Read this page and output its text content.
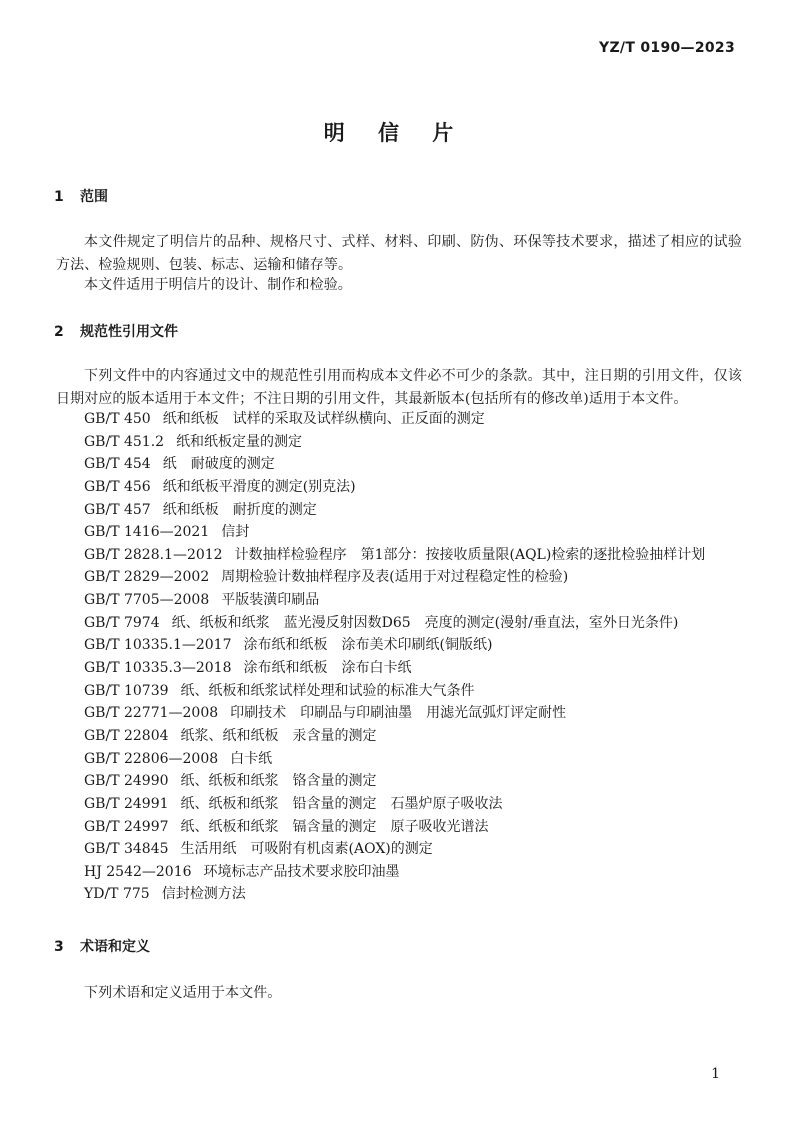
YZ/T 0190—2023
明 信 片
1 范围

本文件规定了明信片的品种、规格尺寸、式样、材料、印刷、防伪、环保等技术要求，描述了相应的试验方法、检验规则、包装、标志、运输和储存等。

本文件适用于明信片的设计、制作和检验。

2 规范性引用文件

下列文件中的内容通过文中的规范性引用而构成本文件必不可少的条款。其中，注日期的引用文件，仅该日期对应的版本适用于本文件；不注日期的引用文件，其最新版本(包括所有的修改单)适用于本文件。

GB/T 450 纸和纸板　试样的采取及试样纵横向、正反面的测定
GB/T 451.2 纸和纸板定量的测定
GB/T 454 纸　耐破度的测定
GB/T 456 纸和纸板平滑度的测定(别克法)
GB/T 457 纸和纸板　耐折度的测定
GB/T 1416—2021 信封
GB/T 2828.1—2012 计数抽样检验程序　第1部分：按接收质量限(AQL)检索的逐批检验抽样计划
GB/T 2829—2002 周期检验计数抽样程序及表(适用于对过程稳定性的检验)
GB/T 7705—2008 平版装潢印刷品
GB/T 7974 纸、纸板和纸浆　蓝光漫反射因数D65　亮度的测定(漫射/垂直法，室外日光条件)
GB/T 10335.1—2017 涂布纸和纸板　涂布美术印刷纸(铜版纸)
GB/T 10335.3—2018 涂布纸和纸板　涂布白卡纸
GB/T 10739 纸、纸板和纸浆试样处理和试验的标准大气条件
GB/T 22771—2008 印刷技术　印刷品与印刷油墨　用滤光氙弧灯评定耐性
GB/T 22804 纸浆、纸和纸板　汞含量的测定
GB/T 22806—2008 白卡纸
GB/T 24990 纸、纸板和纸浆　铬含量的测定
GB/T 24991 纸、纸板和纸浆　铅含量的测定　石墨炉原子吸收法
GB/T 24997 纸、纸板和纸浆　镉含量的测定　原子吸收光谱法
GB/T 34845 生活用纸　可吸附有机卤素(AOX)的测定
HJ 2542—2016 环境标志产品技术要求胶印油墨
YD/T 775 信封检测方法
3 术语和定义

下列术语和定义适用于本文件。

1
